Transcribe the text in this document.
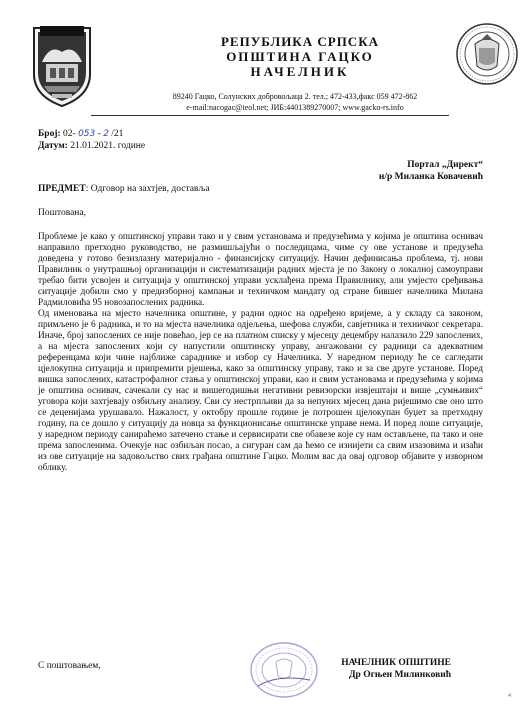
РЕПУБЛИКА СРПСКА
ОПШТИНА ГАЦКО
НАЧЕЛНИК
89240 Гацко, Солунских добровољаца 2. тел.; 472-433,факс 059 472-862
e-mail:nacogac@teol.net; ЈИБ:4401389270007; www.gacko-rs.info
Број: 02- 053 - 2 /21
Датум: 21.01.2021. године
Портал „Директ“
н/р Миланка Ковачевић
ПРЕДМЕТ: Одговор на захтјев, доставља
Поштована,

Проблеме је како у општинској управи тако и у свим установама и предузећима у којима је општина оснивач направило претходно руководство, не размишљајући о последицама, чиме су ове установе и предузећа доведена у готово безизлазну материјално - финансијску ситуацију. Начин дефинисања проблема, тј. нови Правилник о унутрашњој организацији и систематизацији радних мјеста је по Закону о локалној самоуправи требао бити усвојен и ситуација у општинској управи усклађена према Правилнику, али умјесто сређивања ситуације добили смо у предизборној кампањи и техничком мандату од стране бившег начелника Милана Радмиловића 95 новозапослених радника.

Од именовања на мјесто начелника општине, у радни однос на одређено вријеме, а у складу са законом, примљено је 6 радника, и то на мјеста начелника одјељења, шефова служби, савјетника и техничког секретара. Иначе, број запослених се није повећао, јер се на платном списку у мјесецу децембру налазило 229 запослених, а на мјеста запослених који су напустили општинску управу, ангажовани су радници са адекватним референцама који чине најближе сараднике и избор су Начелника. У наредном периоду ће се сагледати цјелокупна ситуација и припремити рјешења, како за општинску управу, тако и за све друге установе. Поред вишка запослених, катастрофалног стања у општинској управи, као и свим установама и предузећима у којима је општина оснивач, сачекали су нас и вишегодишњи негативни ревизорски извјештаји и више „сумњивих“ уговора који захтјевају озбиљну анализу. Сви су нестрпљиви да за непуних мјесец дана ријешимо све оно што се деценијама урушавало. Нажалост, у октобру прошле године је потрошен цјелокупан буџет за претходну годину, па се дошло у ситуацију да новца за функционисање општинске управе нема. И поред лоше ситуације, у наредном периоду санираћемо затечено стање и сервисирати све обавезе које су нам остављене, па тако и оне према запосленима. Очекује нас озбиљан посао, а сигуран сам да ћемо се изнијети са свим изазовима и изаћи из ове ситуације на задовољство свих грађана општине Гацко. Молим вас да овај одговор објавите у изворном облику.

С поштовањем,	НАЧЕЛНИК ОПШТИНЕ
Др Огњен Милинковић
4
